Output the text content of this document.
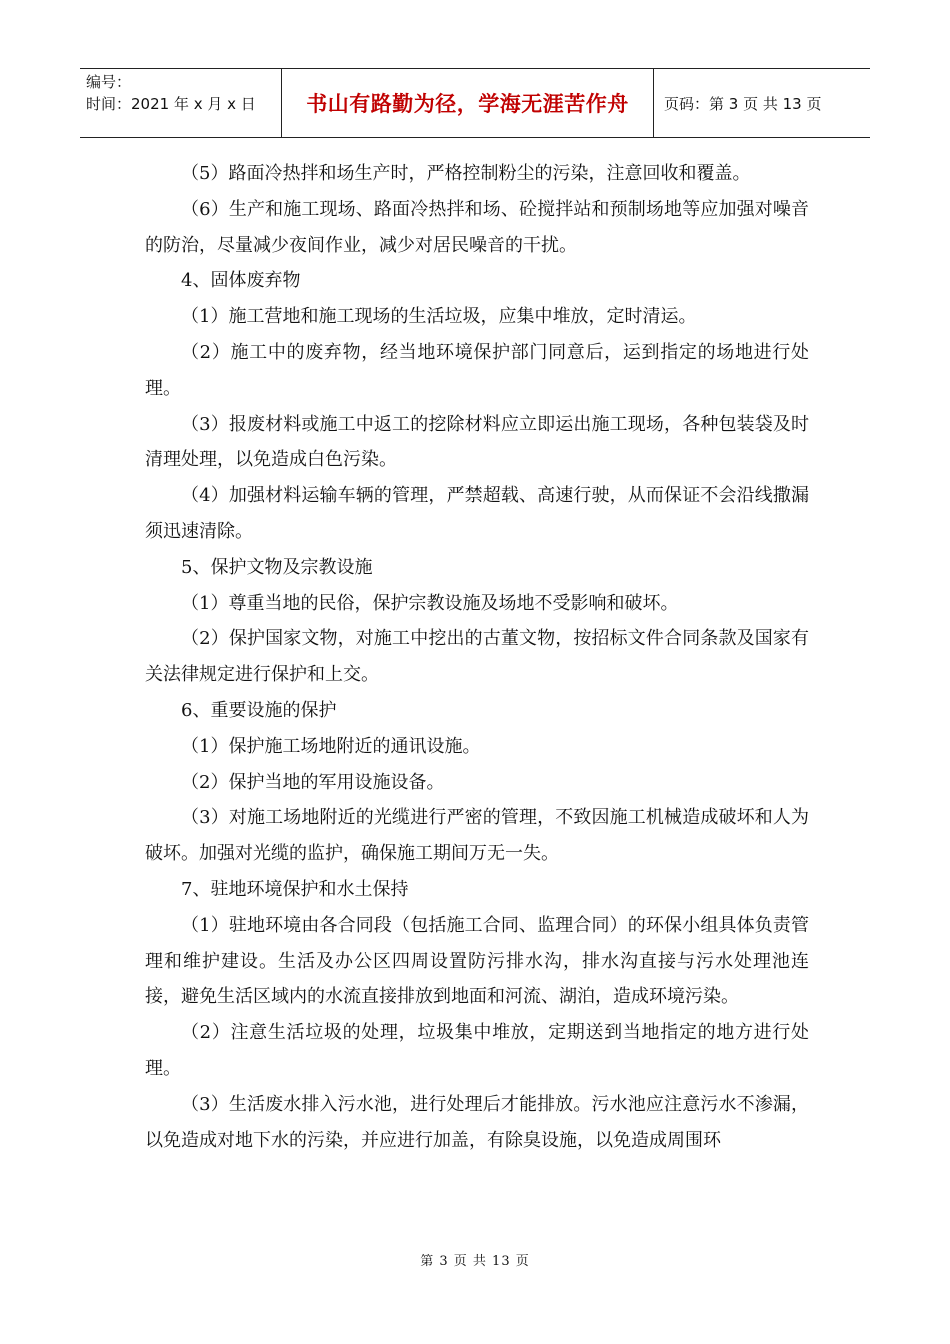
编号：
时间：2021 年 x 月 x 日	书山有路勤为径，学海无涯苦作舟	页码：第 3 页 共 13 页

（5）路面冷热拌和场生产时，严格控制粉尘的污染，注意回收和覆盖。

（6）生产和施工现场、路面冷热拌和场、砼搅拌站和预制场地等应加强对噪音的防治，尽量减少夜间作业，减少对居民噪音的干扰。

4、固体废弃物

（1）施工营地和施工现场的生活垃圾，应集中堆放，定时清运。

（2）施工中的废弃物，经当地环境保护部门同意后，运到指定的场地进行处理。

（3）报废材料或施工中返工的挖除材料应立即运出施工现场，各种包装袋及时清理处理，以免造成白色污染。

（4）加强材料运输车辆的管理，严禁超载、高速行驶，从而保证不会沿线撒漏须迅速清除。

5、保护文物及宗教设施

（1）尊重当地的民俗，保护宗教设施及场地不受影响和破坏。

（2）保护国家文物，对施工中挖出的古董文物，按招标文件合同条款及国家有关法律规定进行保护和上交。

6、重要设施的保护

（1）保护施工场地附近的通讯设施。

（2）保护当地的军用设施设备。

（3）对施工场地附近的光缆进行严密的管理，不致因施工机械造成破坏和人为破坏。加强对光缆的监护，确保施工期间万无一失。

7、驻地环境保护和水土保持

（1）驻地环境由各合同段（包括施工合同、监理合同）的环保小组具体负责管理和维护建设。生活及办公区四周设置防污排水沟，排水沟直接与污水处理池连接，避免生活区域内的水流直接排放到地面和河流、湖泊，造成环境污染。

（2）注意生活垃圾的处理，垃圾集中堆放，定期送到当地指定的地方进行处理。

（3）生活废水排入污水池，进行处理后才能排放。污水池应注意污水不渗漏，以免造成对地下水的污染，并应进行加盖，有除臭设施，以免造成周围环

第 3 页 共 13 页
